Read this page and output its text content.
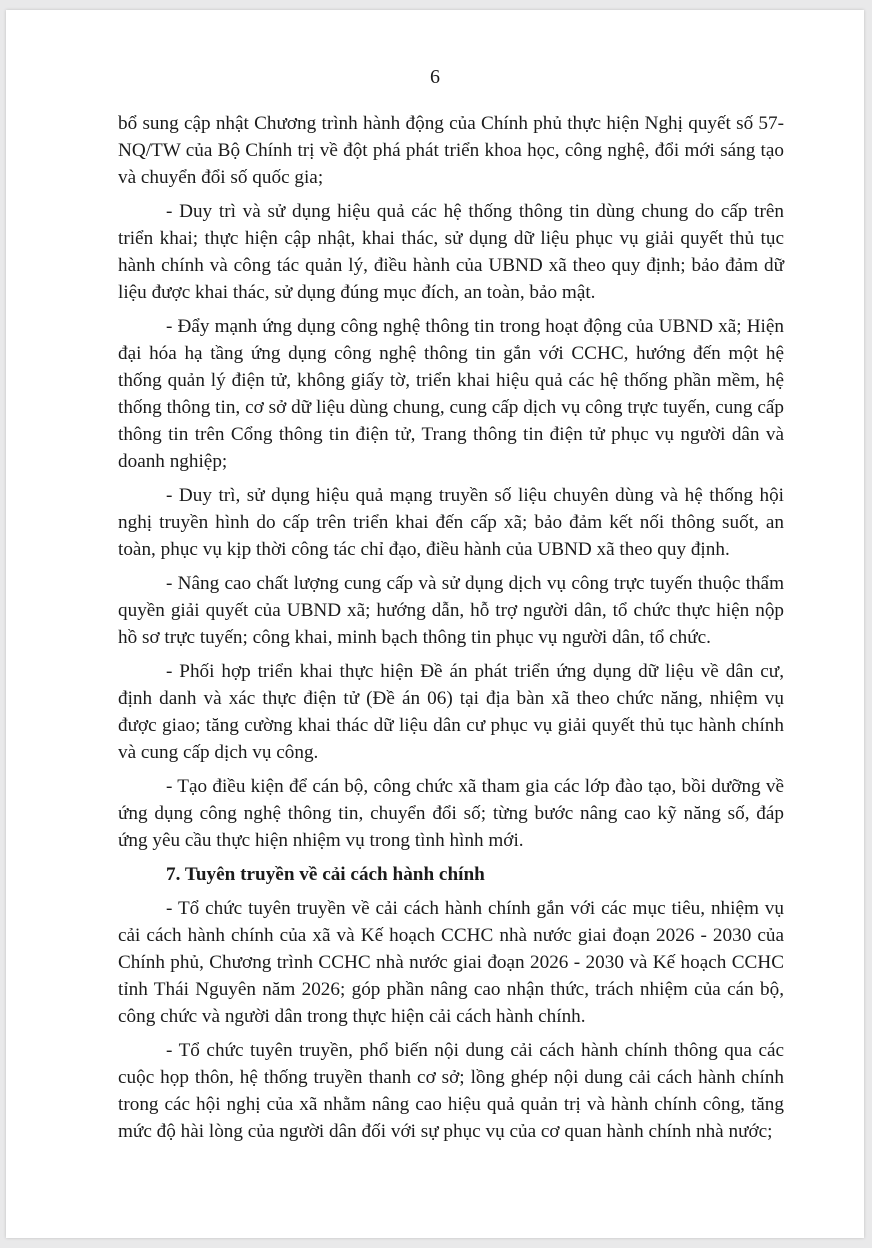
6

bổ sung cập nhật Chương trình hành động của Chính phủ thực hiện Nghị quyết số 57-NQ/TW của Bộ Chính trị về đột phá phát triển khoa học, công nghệ, đổi mới sáng tạo và chuyển đổi số quốc gia;

- Duy trì và sử dụng hiệu quả các hệ thống thông tin dùng chung do cấp trên triển khai; thực hiện cập nhật, khai thác, sử dụng dữ liệu phục vụ giải quyết thủ tục hành chính và công tác quản lý, điều hành của UBND xã theo quy định; bảo đảm dữ liệu được khai thác, sử dụng đúng mục đích, an toàn, bảo mật.

- Đẩy mạnh ứng dụng công nghệ thông tin trong hoạt động của UBND xã; Hiện đại hóa hạ tầng ứng dụng công nghệ thông tin gắn với CCHC, hướng đến một hệ thống quản lý điện tử, không giấy tờ, triển khai hiệu quả các hệ thống phần mềm, hệ thống thông tin, cơ sở dữ liệu dùng chung, cung cấp dịch vụ công trực tuyến, cung cấp thông tin trên Cổng thông tin điện tử, Trang thông tin điện tử phục vụ người dân và doanh nghiệp;

- Duy trì, sử dụng hiệu quả mạng truyền số liệu chuyên dùng và hệ thống hội nghị truyền hình do cấp trên triển khai đến cấp xã; bảo đảm kết nối thông suốt, an toàn, phục vụ kịp thời công tác chỉ đạo, điều hành của UBND xã theo quy định.

- Nâng cao chất lượng cung cấp và sử dụng dịch vụ công trực tuyến thuộc thẩm quyền giải quyết của UBND xã; hướng dẫn, hỗ trợ người dân, tổ chức thực hiện nộp hồ sơ trực tuyến; công khai, minh bạch thông tin phục vụ người dân, tổ chức.

- Phối hợp triển khai thực hiện Đề án phát triển ứng dụng dữ liệu về dân cư, định danh và xác thực điện tử (Đề án 06) tại địa bàn xã theo chức năng, nhiệm vụ được giao; tăng cường khai thác dữ liệu dân cư phục vụ giải quyết thủ tục hành chính và cung cấp dịch vụ công.

- Tạo điều kiện để cán bộ, công chức xã tham gia các lớp đào tạo, bồi dưỡng về ứng dụng công nghệ thông tin, chuyển đổi số; từng bước nâng cao kỹ năng số, đáp ứng yêu cầu thực hiện nhiệm vụ trong tình hình mới.

7. Tuyên truyền về cải cách hành chính

- Tổ chức tuyên truyền về cải cách hành chính gắn với các mục tiêu, nhiệm vụ cải cách hành chính của xã và Kế hoạch CCHC nhà nước giai đoạn 2026 - 2030 của Chính phủ, Chương trình CCHC nhà nước giai đoạn 2026 - 2030 và Kế hoạch CCHC tỉnh Thái Nguyên năm 2026; góp phần nâng cao nhận thức, trách nhiệm của cán bộ, công chức và người dân trong thực hiện cải cách hành chính.

- Tổ chức tuyên truyền, phổ biến nội dung cải cách hành chính thông qua các cuộc họp thôn, hệ thống truyền thanh cơ sở; lồng ghép nội dung cải cách hành chính trong các hội nghị của xã nhằm nâng cao hiệu quả quản trị và hành chính công, tăng mức độ hài lòng của người dân đối với sự phục vụ của cơ quan hành chính nhà nước;
